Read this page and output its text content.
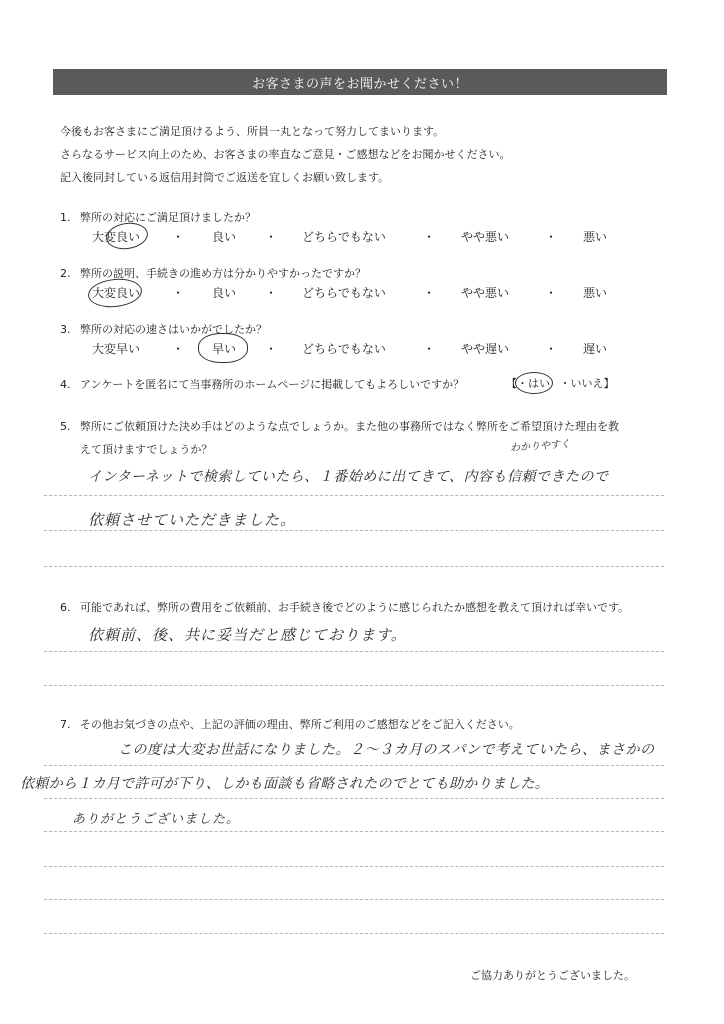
お客さまの声をお聞かせください！
今後もお客さまにご満足頂けるよう、所員一丸となって努力してまいります。
さらなるサービス向上のため、お客さまの率直なご意見・ご感想などをお聞かせください。
記入後同封している返信用封筒でご返送を宜しくお願い致します。
1. 弊所の対応にご満足頂けましたか？
大変良い	・ 良い ・ どちらでもない	・ やや悪い	・ 悪い
2. 弊所の説明、手続きの進め方は分かりやすかったですか？
大変良い	・ 良い ・ どちらでもない	・ やや悪い	・ 悪い
3. 弊所の対応の速さはいかがでしたか？
大変早い	・ 早い ・ どちらでもない	・ やや遅い	・ 遅い
4. アンケートを匿名にて当事務所のホームページに掲載してもよろしいですか？	【・はい ・いいえ】
5. 弊所にご依頼頂けた決め手はどのような点でしょうか。また他の事務所ではなく弊所をご希望頂けた理由を教
えて頂けますでしょうか？	わかりやすく
インターネットで検索していたら、１番始めに出てきて、内容も信頼できたので
依頼させていただきました。
6. 可能であれば、弊所の費用をご依頼前、お手続き後でどのように感じられたか感想を教えて頂ければ幸いです。
依頼前、後、共に妥当だと感じております。
7. その他お気づきの点や、上記の評価の理由、弊所ご利用のご感想などをご記入ください。
この度は大変お世話になりました。２～３カ月のスパンで考えていたら、まさかの
依頼から１カ月で許可が下り、しかも面談も省略されたのでとても助かりました。
ありがとうございました。
ご協力ありがとうございました。
